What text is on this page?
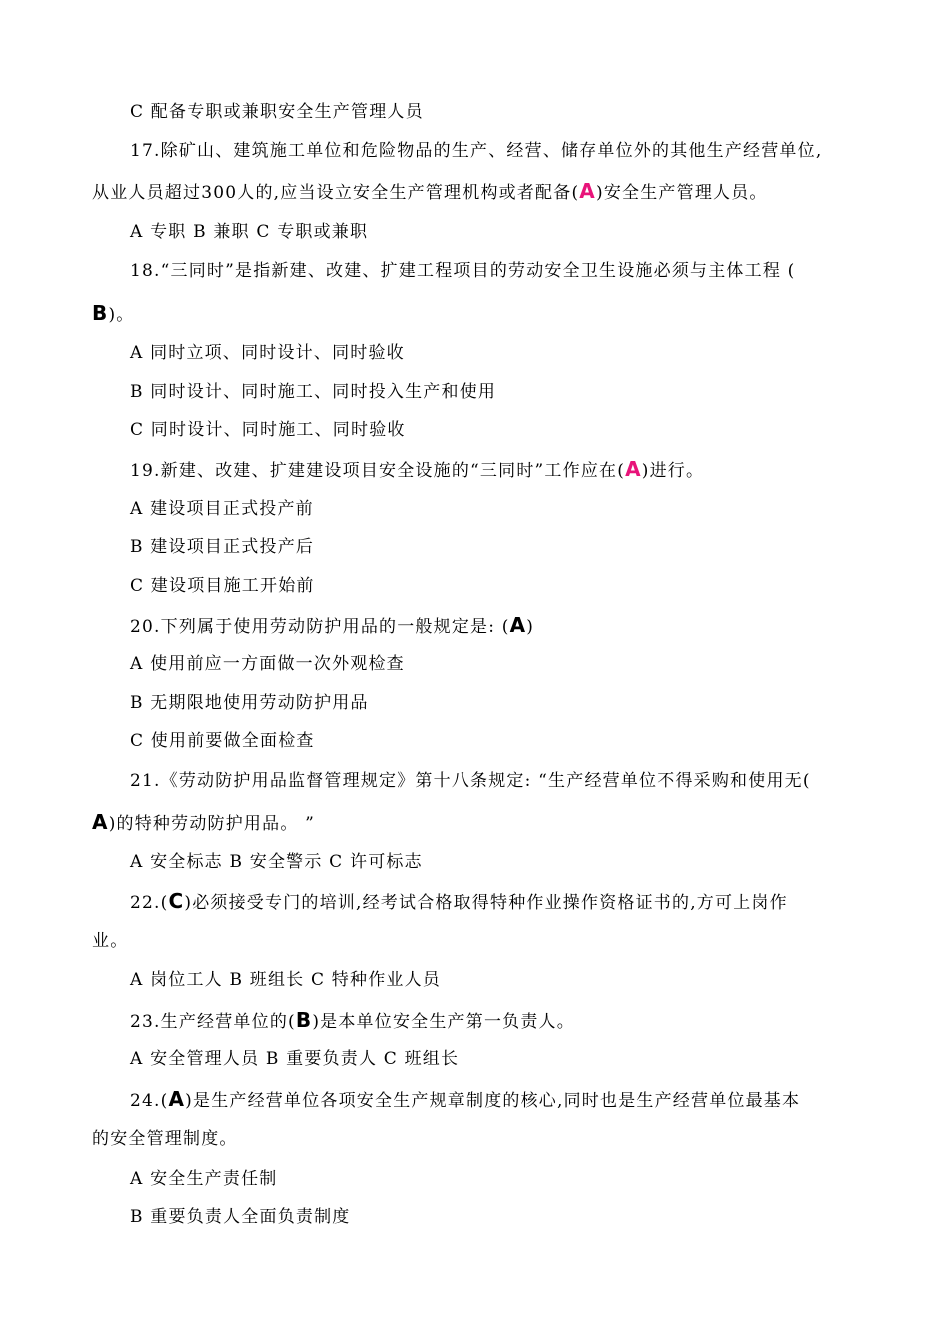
C 配备专职或兼职安全生产管理人员
17.除矿山、建筑施工单位和危险物品的生产、经营、储存单位外的其他生产经营单位,
从业人员超过300人的,应当设立安全生产管理机构或者配备(A)安全生产管理人员。
A 专职 B 兼职 C 专职或兼职
18.“三同时”是指新建、改建、扩建工程项目的劳动安全卫生设施必须与主体工程 (
B)。
A 同时立项、同时设计、同时验收
B 同时设计、同时施工、同时投入生产和使用
C 同时设计、同时施工、同时验收
19.新建、改建、扩建建设项目安全设施的“三同时”工作应在(A)进行。
A 建设项目正式投产前
B 建设项目正式投产后
C 建设项目施工开始前
20.下列属于使用劳动防护用品的一般规定是: (A)
A 使用前应一方面做一次外观检查
B 无期限地使用劳动防护用品
C 使用前要做全面检查
21.《劳动防护用品监督管理规定》第十八条规定: “生产经营单位不得采购和使用无(
A)的特种劳动防护用品。 ”
A 安全标志 B 安全警示 C 许可标志
22.(C)必须接受专门的培训,经考试合格取得特种作业操作资格证书的,方可上岗作
业。
A 岗位工人 B 班组长 C 特种作业人员
23.生产经营单位的(B)是本单位安全生产第一负责人。
A 安全管理人员 B 重要负责人 C 班组长
24.(A)是生产经营单位各项安全生产规章制度的核心,同时也是生产经营单位最基本
的安全管理制度。
A 安全生产责任制
B 重要负责人全面负责制度
